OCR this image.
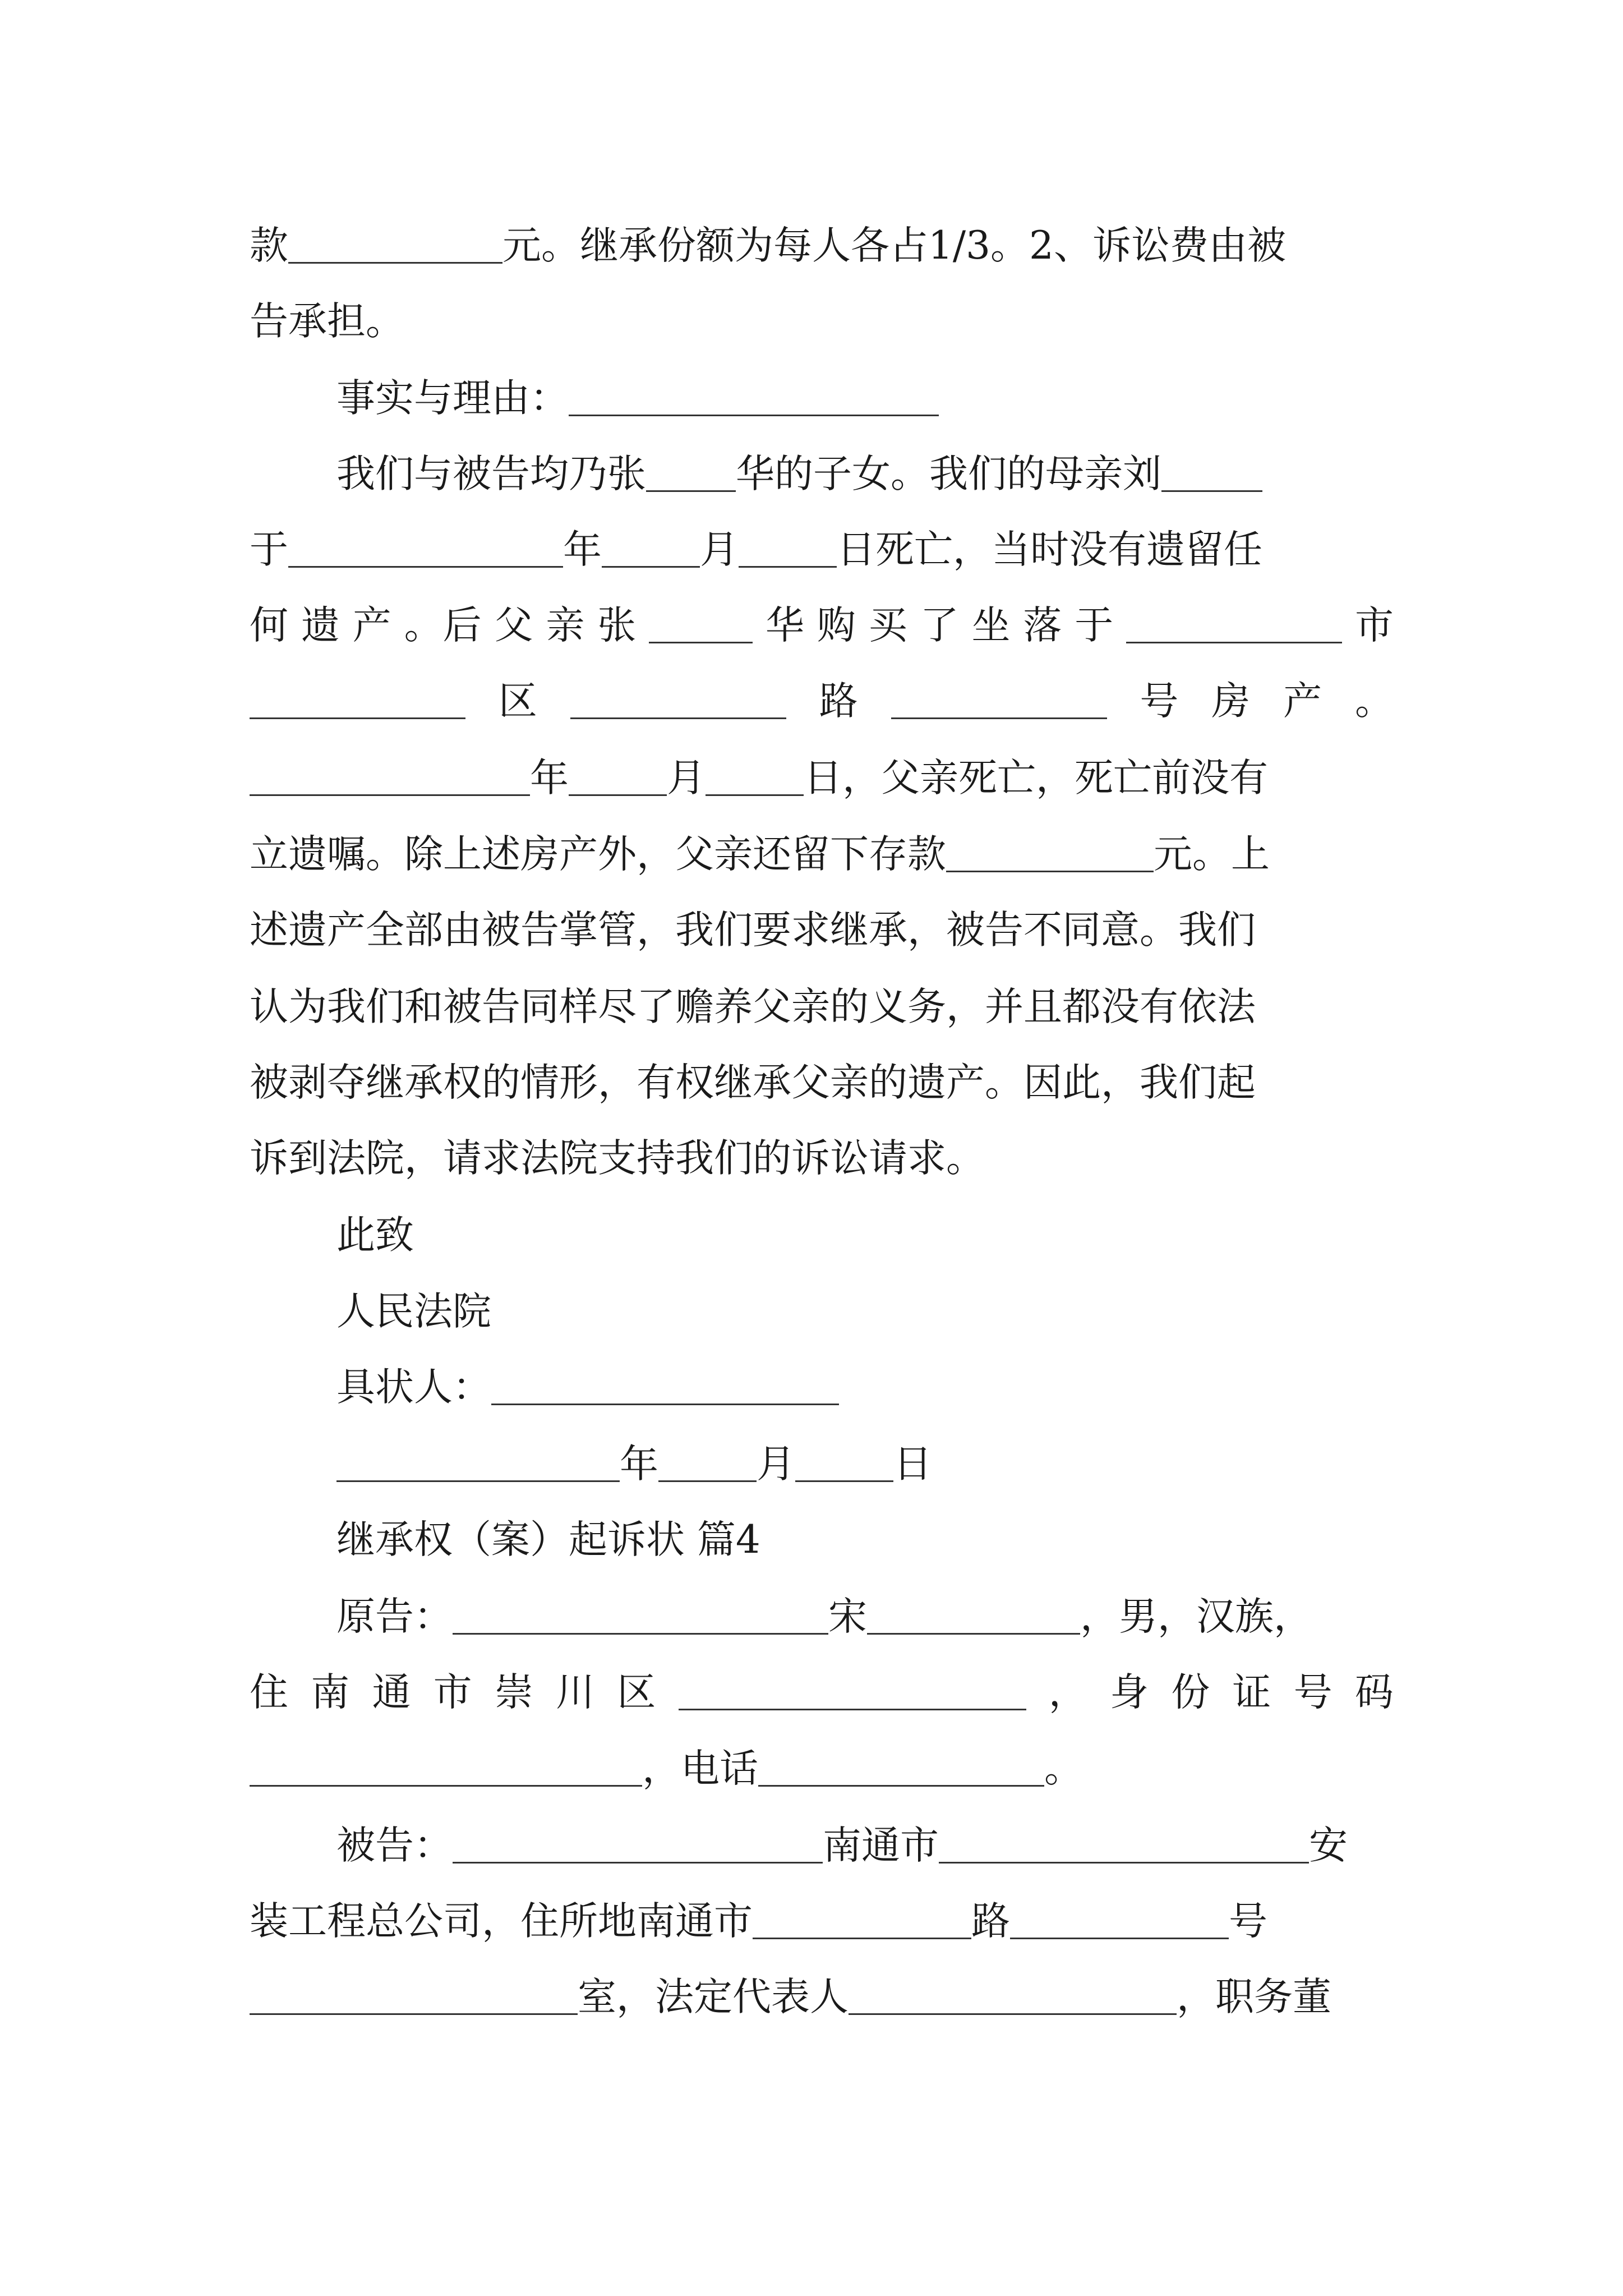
款	元。继承份额为每人各占1/3。2、诉讼费由被
告承担。
事实与理由：
我们与被告均乃张 华的子女。我们的母亲刘
于	年	月	日死亡，当时没有遗留任
何 遗 产 。后 父 亲 张	华 购 买 了 坐 落 于	市
区	路	号 房 产 。
年	月	日，父亲死亡，死亡前没有
立遗嘱。除上述房产外，父亲还留下存款	元。上
述遗产全部由被告掌管，我们要求继承，被告不同意。我们
认为我们和被告同样尽了赡养父亲的义务，并且都没有依法
被剥夺继承权的情形，有权继承父亲的遗产。因此，我们起
诉到法院，请求法院支持我们的诉讼请求。
此致
人民法院
具状人：
年	月	日
继承权（案）起诉状 篇4
原告：	宋	，男，汉族，
住 南 通 市 崇 川 区	， 身 份 证 号 码
，电话	。
被告：	南通市	安
装工程总公司，住所地南通市	路	号
室，法定代表人	，职务董
